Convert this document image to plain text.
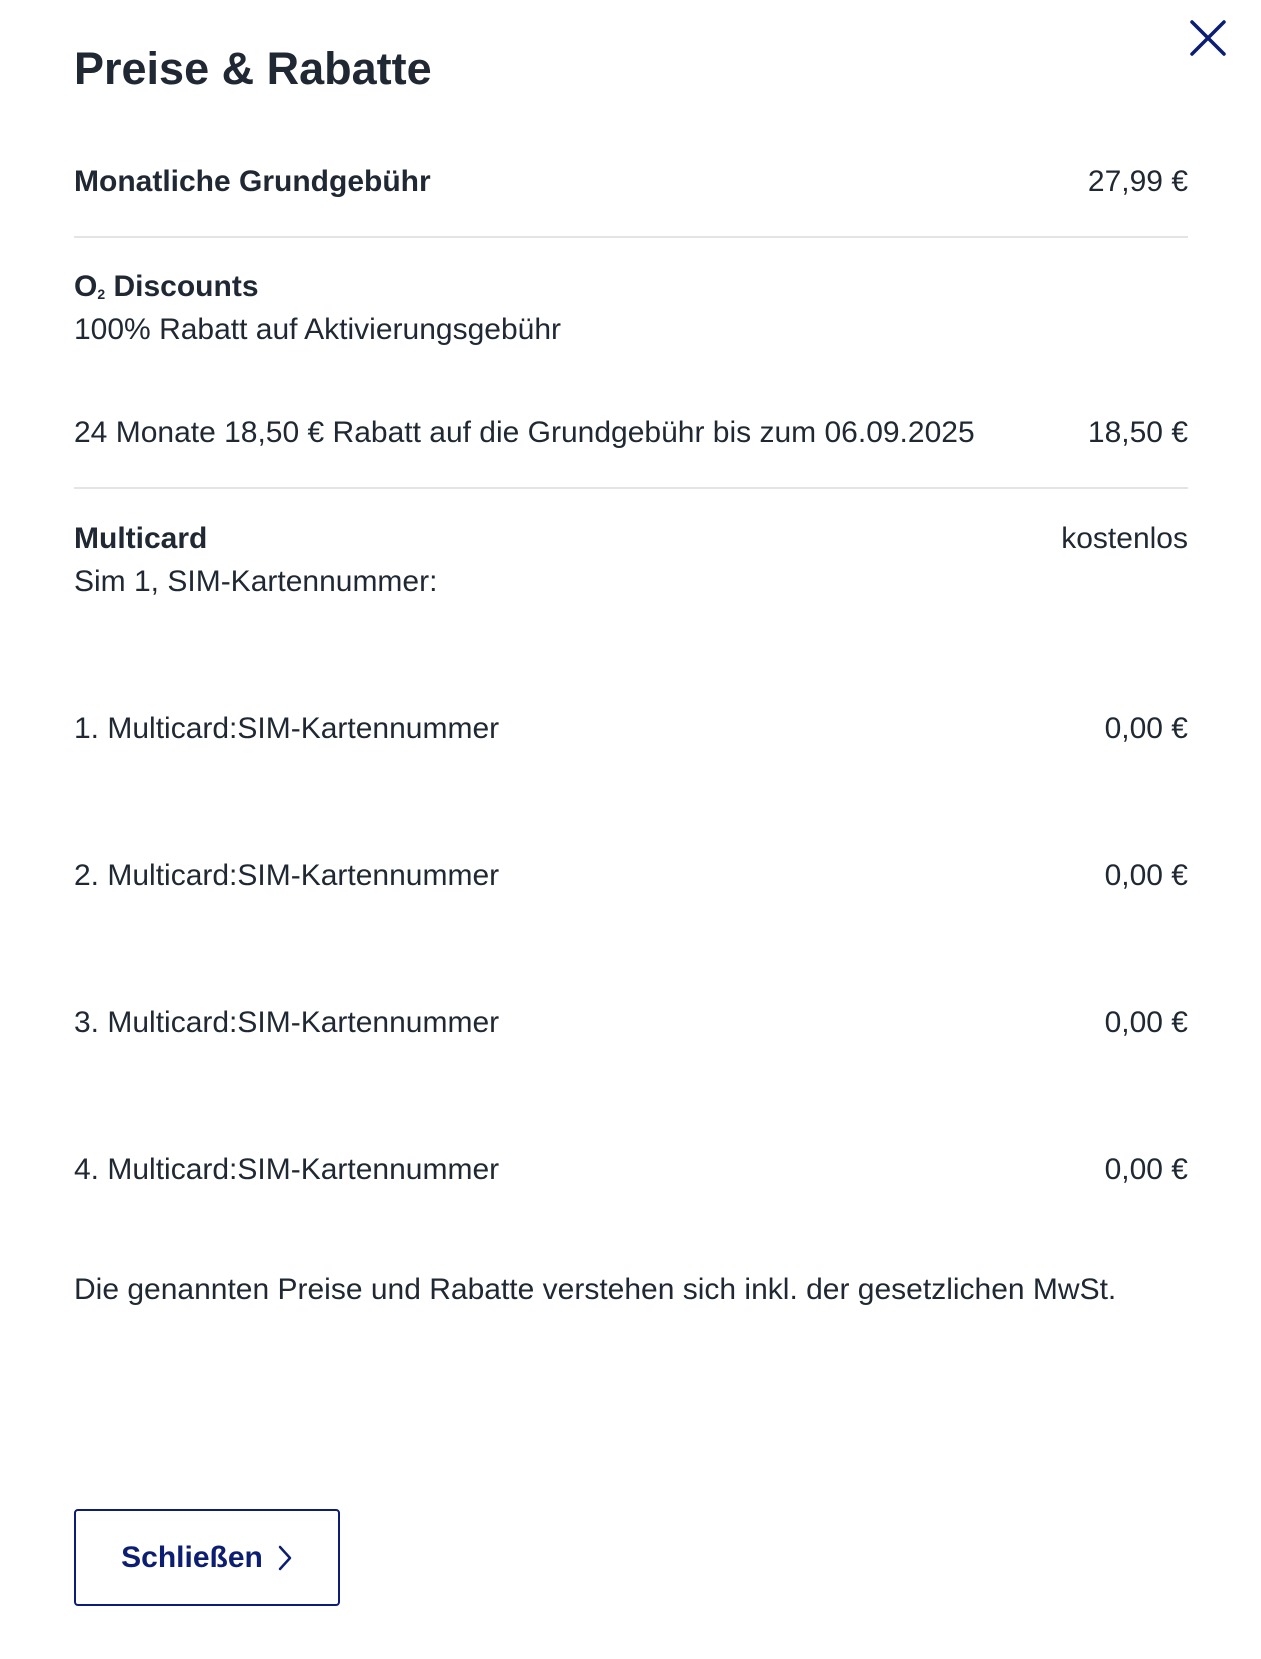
Preise & Rabatte
Monatliche Grundgebühr	27,99 €
$O_2$ Discounts
100% Rabatt auf Aktivierungsgebühr
24 Monate 18,50 € Rabatt auf die Grundgebühr bis zum 06.09.2025	18,50 €
Multicard	kostenlos
Sim 1, SIM-Kartennummer:
1. Multicard:SIM-Kartennummer	0,00 €
2. Multicard:SIM-Kartennummer	0,00 €
3. Multicard:SIM-Kartennummer	0,00 €
4. Multicard:SIM-Kartennummer	0,00 €
Die genannten Preise und Rabatte verstehen sich inkl. der gesetzlichen MwSt.
Schließen
